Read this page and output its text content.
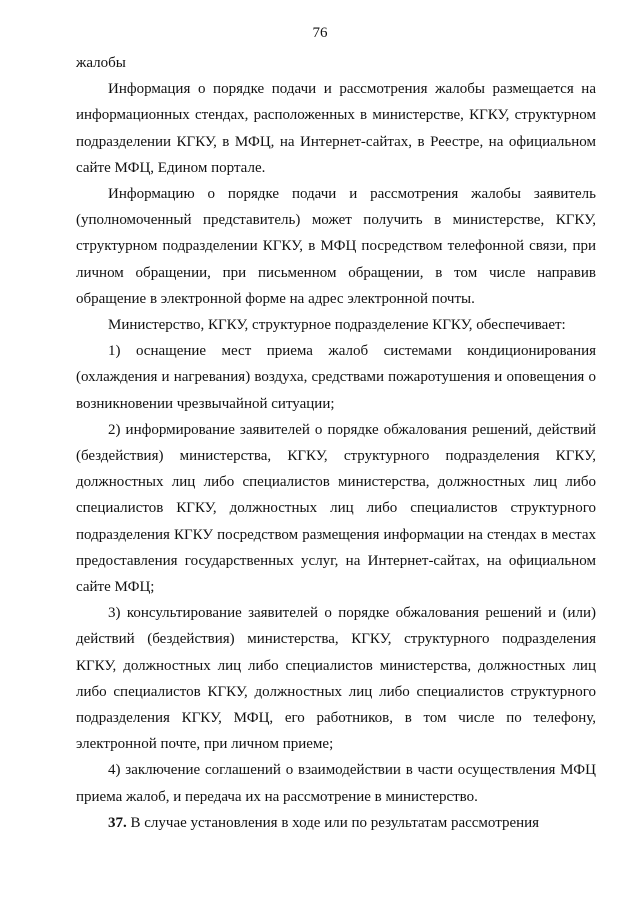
76

жалобы

Информация о порядке подачи и рассмотрения жалобы размещается на информационных стендах, расположенных в министерстве, КГКУ, структурном подразделении КГКУ, в МФЦ, на Интернет-сайтах, в Реестре, на официальном сайте МФЦ, Едином портале.

Информацию о порядке подачи и рассмотрения жалобы заявитель (уполномоченный представитель) может получить в министерстве, КГКУ, структурном подразделении КГКУ, в МФЦ посредством телефонной связи, при личном обращении, при письменном обращении, в том числе направив обращение в электронной форме на адрес электронной почты.

Министерство, КГКУ, структурное подразделение КГКУ, обеспечивает:

1) оснащение мест приема жалоб системами кондиционирования (охлаждения и нагревания) воздуха, средствами пожаротушения и оповещения о возникновении чрезвычайной ситуации;

2) информирование заявителей о порядке обжалования решений, действий (бездействия) министерства, КГКУ, структурного подразделения КГКУ, должностных лиц либо специалистов министерства, должностных лиц либо специалистов КГКУ, должностных лиц либо специалистов структурного подразделения КГКУ посредством размещения информации на стендах в местах предоставления государственных услуг, на Интернет-сайтах, на официальном сайте МФЦ;

3) консультирование заявителей о порядке обжалования решений и (или) действий (бездействия) министерства, КГКУ, структурного подразделения КГКУ, должностных лиц либо специалистов министерства, должностных лиц либо специалистов КГКУ, должностных лиц либо специалистов структурного подразделения КГКУ, МФЦ, его работников, в том числе по телефону, электронной почте, при личном приеме;

4) заключение соглашений о взаимодействии в части осуществления МФЦ приема жалоб, и передача их на рассмотрение в министерство.

37. В случае установления в ходе или по результатам рассмотрения
